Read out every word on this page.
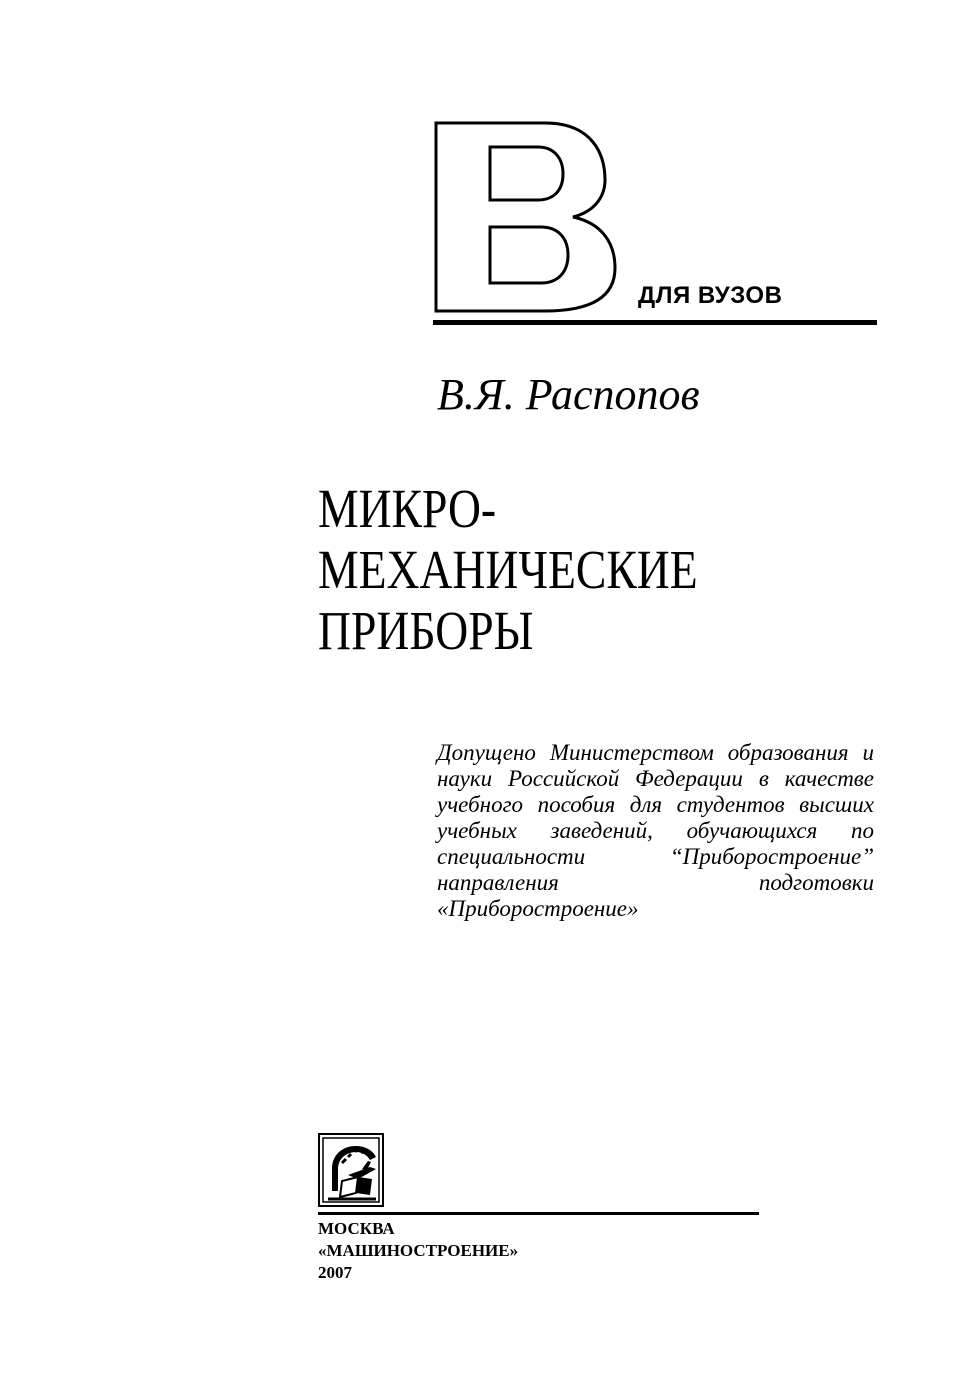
ДЛЯ ВУЗОВ
В.Я. Распопов
МИКРО-
МЕХАНИЧЕСКИЕ
ПРИБОРЫ
Допущено Министерством образования и науки Российской Федерации в качестве учебного пособия для студентов высших учебных заведений, обучающихся по специальности “Приборостроение” направления подготовки «Приборостроение»
МОСКВА
«МАШИНОСТРОЕНИЕ»
2007
